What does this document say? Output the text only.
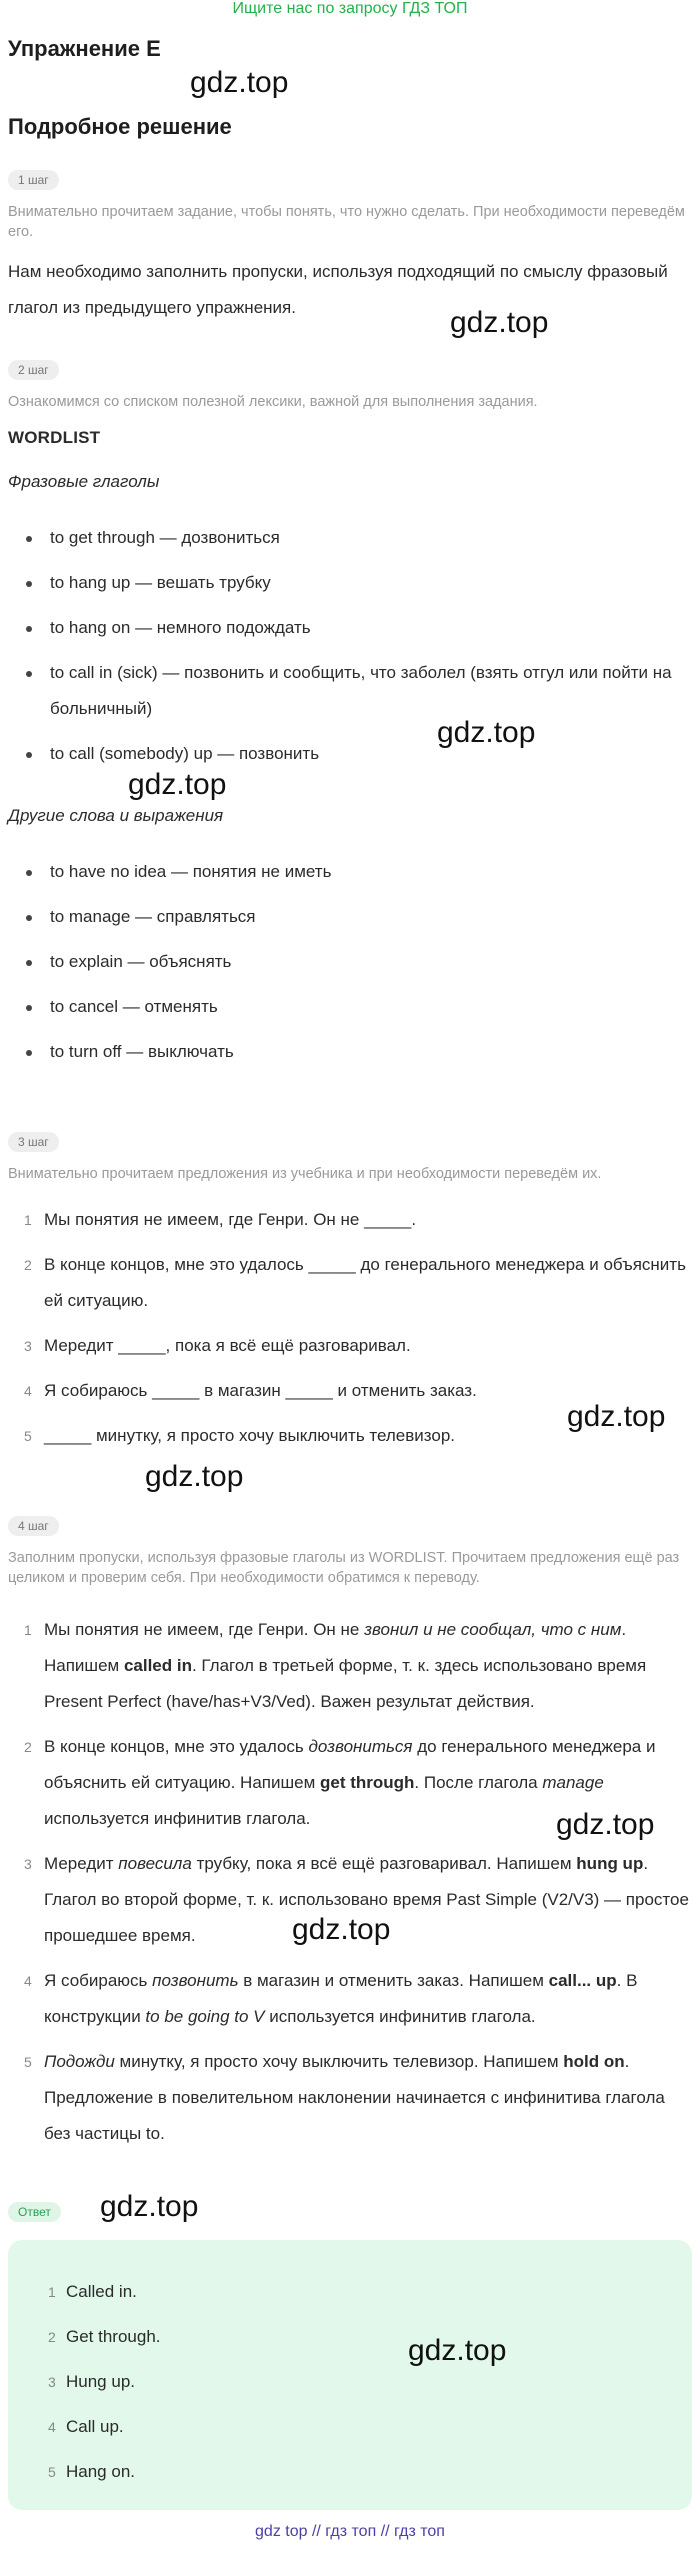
Ищите нас по запросу ГДЗ ТОП
Упражнение E
gdz.top
Подробное решение
1 шаг
Внимательно прочитаем задание, чтобы понять, что нужно сделать. При необходимости переведём его.
Нам необходимо заполнить пропуски, используя подходящий по смыслу фразовый глагол из предыдущего упражнения.	gdz.top
2 шаг
Ознакомимся со списком полезной лексики, важной для выполнения задания.
WORDLIST
Фразовые глаголы
to get through — дозвониться
to hang up — вешать трубку
to hang on — немного подождать
to call in (sick) — позвонить и сообщить, что заболел (взять отгул или пойти на больничный)
to call (somebody) up — позвонить
gdz.top
gdz.top
Другие слова и выражения
to have no idea — понятия не иметь
to manage — справляться
to explain — объяснять
to cancel — отменять
to turn off — выключать
3 шаг
Внимательно прочитаем предложения из учебника и при необходимости переведём их.
1 Мы понятия не имеем, где Генри. Он не _____.
2 В конце концов, мне это удалось _____ до генерального менеджера и объяснить ей ситуацию.
3 Мередит _____, пока я всё ещё разговаривал.
4 Я собираюсь _____ в магазин _____ и отменить заказ.
5 _____ минутку, я просто хочу выключить телевизор.
gdz.top
gdz.top
4 шаг
Заполним пропуски, используя фразовые глаголы из WORDLIST. Прочитаем предложения ещё раз целиком и проверим себя. При необходимости обратимся к переводу.
1 Мы понятия не имеем, где Генри. Он не звонил и не сообщал, что с ним. Напишем called in. Глагол в третьей форме, т. к. здесь использовано время Present Perfect (have/has+V3/Ved). Важен результат действия.
2 В конце концов, мне это удалось дозвониться до генерального менеджера и объяснить ей ситуацию. Напишем get through. После глагола manage используется инфинитив глагола.
3 Мередит повесила трубку, пока я всё ещё разговаривал. Напишем hung up. Глагол во второй форме, т. к. использовано время Past Simple (V2/V3) — простое прошедшее время.
4 Я собираюсь позвонить в магазин и отменить заказ. Напишем call... up. В конструкции to be going to V используется инфинитив глагола.
5 Подожди минутку, я просто хочу выключить телевизор. Напишем hold on. Предложение в повелительном наклонении начинается с инфинитива глагола без частицы to.
gdz.top
gdz.top
Ответ	gdz.top
1 Called in.
2 Get through.
3 Hung up.
4 Call up.
5 Hang on.
gdz.top
gdz top // гдз топ // гдз топ
